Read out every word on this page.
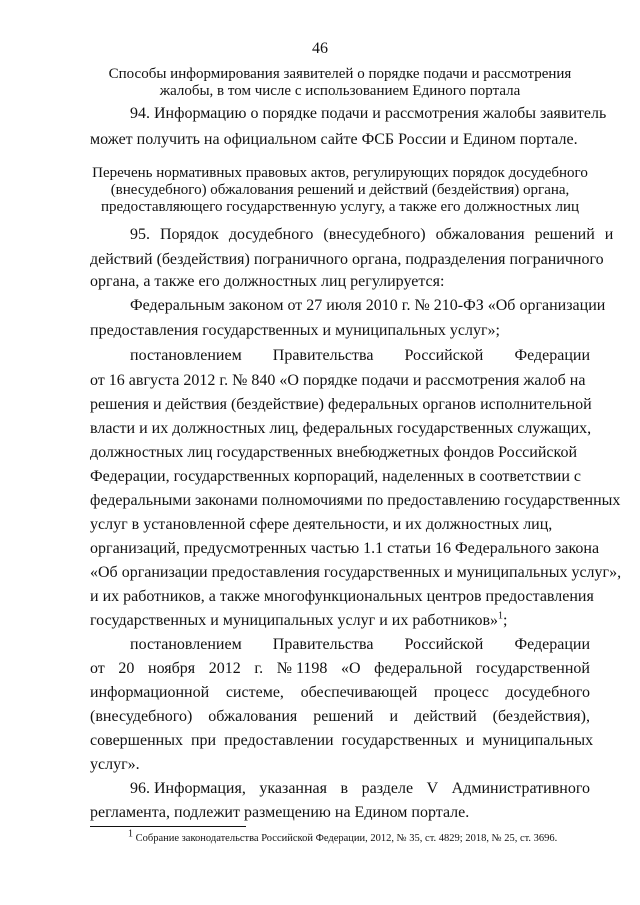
46
Способы информирования заявителей о порядке подачи и рассмотрения
жалобы, в том числе с использованием Единого портала
94. Информацию о порядке подачи и рассмотрения жалобы заявитель
может получить на официальном сайте ФСБ России и Едином портале.
Перечень нормативных правовых актов, регулирующих порядок досудебного
(внесудебного) обжалования решений и действий (бездействия) органа,
предоставляющего государственную услугу, а также его должностных лиц
95. Порядок досудебного (внесудебного) обжалования решений и
действий (бездействия) пограничного органа, подразделения пограничного
органа, а также его должностных лиц регулируется:
Федеральным законом от 27 июля 2010 г. № 210-ФЗ «Об организации
предоставления государственных и муниципальных услуг»;
постановлением Правительства Российской Федерации
от 16 августа 2012 г. № 840 «О порядке подачи и рассмотрения жалоб на
решения и действия (бездействие) федеральных органов исполнительной
власти и их должностных лиц, федеральных государственных служащих,
должностных лиц государственных внебюджетных фондов Российской
Федерации, государственных корпораций, наделенных в соответствии с
федеральными законами полномочиями по предоставлению государственных
услуг в установленной сфере деятельности, и их должностных лиц,
организаций, предусмотренных частью 1.1 статьи 16 Федерального закона
«Об организации предоставления государственных и муниципальных услуг»,
и их работников, а также многофункциональных центров предоставления
государственных и муниципальных услуг и их работников»$^1$;
постановлением Правительства Российской Федерации
от 20 ноября 2012 г. № 1198 «О федеральной государственной
информационной системе, обеспечивающей процесс досудебного
(внесудебного) обжалования решений и действий (бездействия),
совершенных при предоставлении государственных и муниципальных
услуг».
96. Информация, указанная в разделе V Административного
регламента, подлежит размещению на Едином портале.
$^1$ Собрание законодательства Российской Федерации, 2012, № 35, ст. 4829; 2018, № 25, ст. 3696.
